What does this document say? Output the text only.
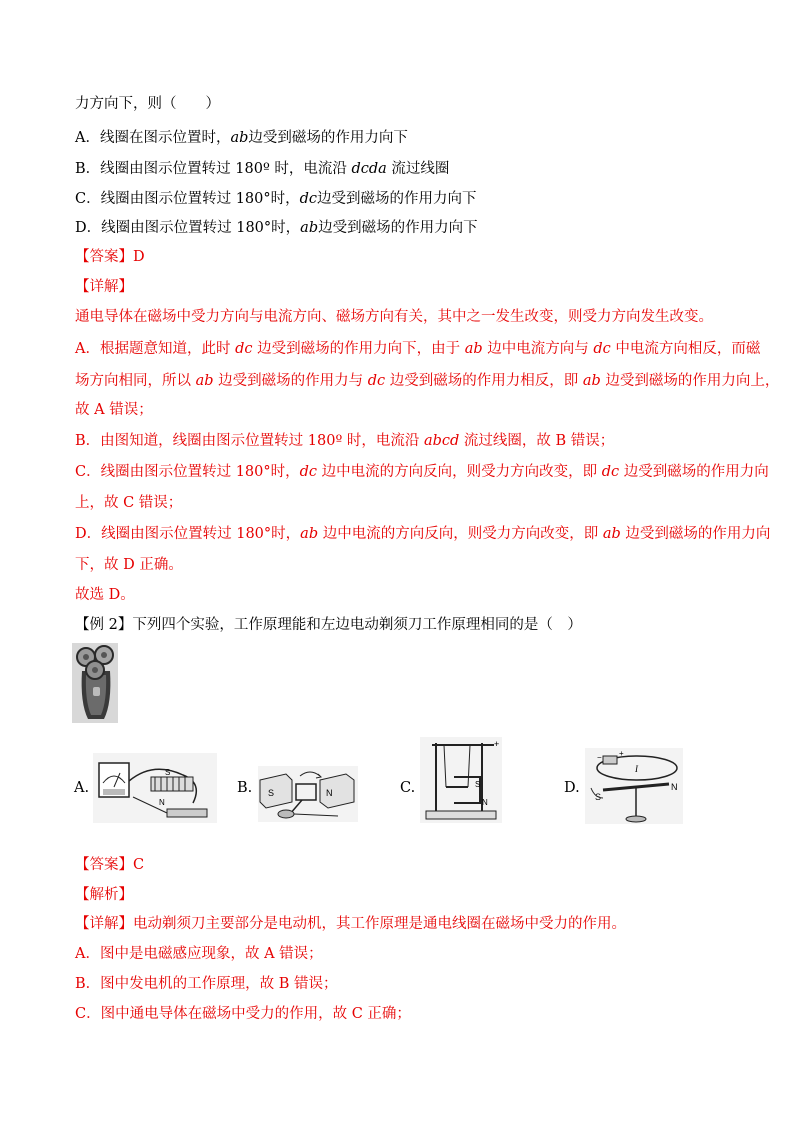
力方向下，则（　　）
A．线圈在图示位置时，ab边受到磁场的作用力向下
B．线圈由图示位置转过 180º 时，电流沿 dcda 流过线圈
C．线圈由图示位置转过 180°时，dc边受到磁场的作用力向下
D．线圈由图示位置转过 180°时，ab边受到磁场的作用力向下
【答案】D
【详解】
通电导体在磁场中受力方向与电流方向、磁场方向有关，其中之一发生改变，则受力方向发生改变。
A．根据题意知道，此时 dc 边受到磁场的作用力向下，由于 ab 边中电流方向与 dc 中电流方向相反，而磁
场方向相同，所以 ab 边受到磁场的作用力与 dc 边受到磁场的作用力相反，即 ab 边受到磁场的作用力向上，
故 A 错误；
B．由图知道，线圈由图示位置转过 180º 时，电流沿 abcd 流过线圈，故 B 错误；
C．线圈由图示位置转过 180°时，dc 边中电流的方向反向，则受力方向改变，即 dc 边受到磁场的作用力向
上，故 C 错误；
D．线圈由图示位置转过 180°时，ab 边中电流的方向反向，则受力方向改变，即 ab 边受到磁场的作用力向
下，故 D 正确。
故选 D。
【例 2】下列四个实验，工作原理能和左边电动剃须刀工作原理相同的是（　）
A.	B.	C.	D.
S
N
S	N
+
S
N
− +
I
S
N
【答案】C
【解析】
【详解】电动剃须刀主要部分是电动机，其工作原理是通电线圈在磁场中受力的作用。
A．图中是电磁感应现象，故 A 错误；
B．图中发电机的工作原理，故 B 错误；
C．图中通电导体在磁场中受力的作用，故 C 正确；
